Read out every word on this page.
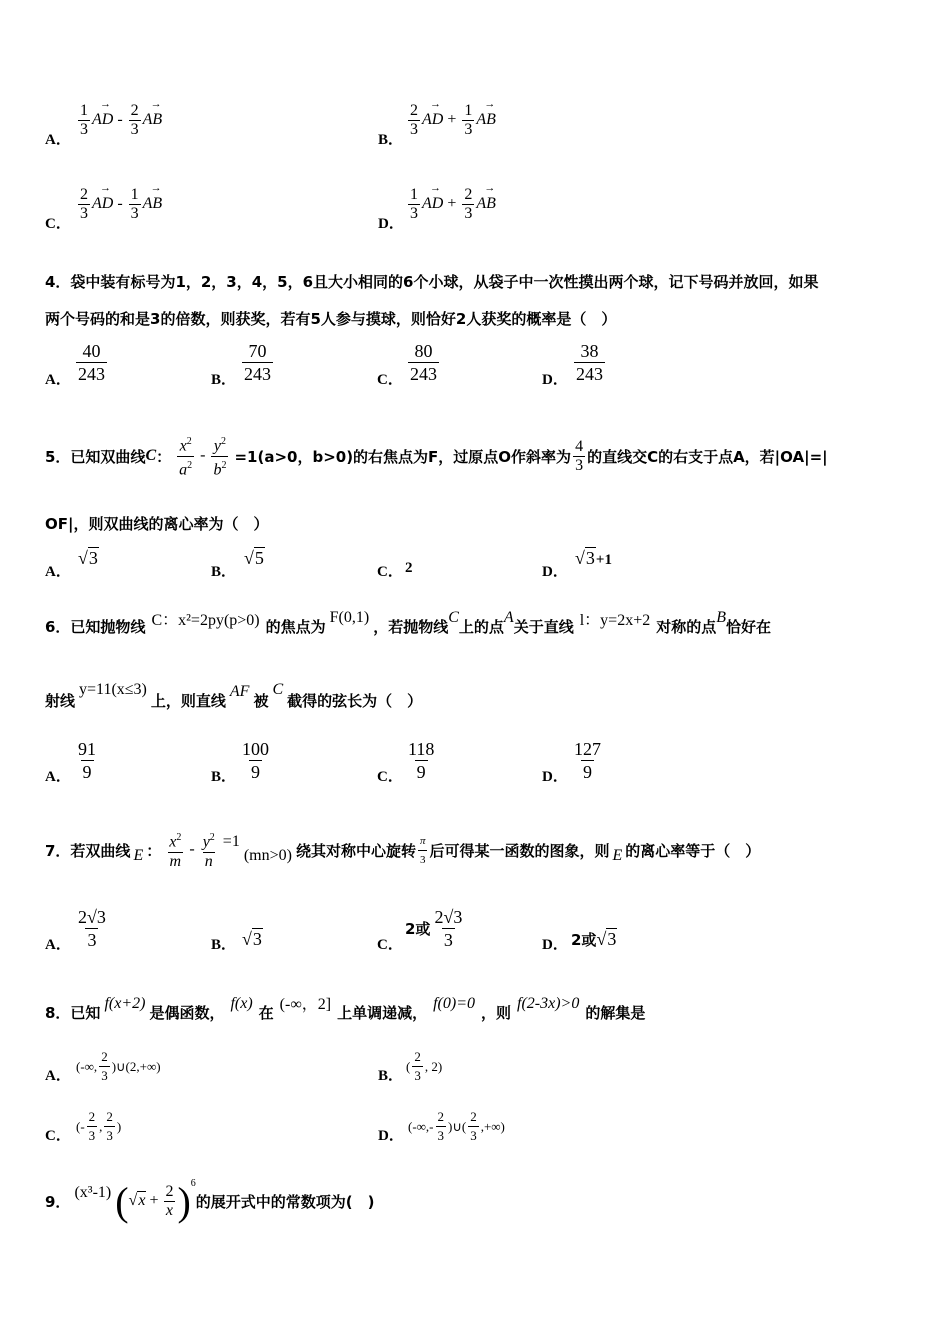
A．
$\frac{1}{3}$ → AD - $\frac{2}{3}$ → AB
B．
$\frac{2}{3}$ → AD + $\frac{1}{3}$ → AB
C．
$\frac{2}{3}$ → AD - $\frac{1}{3}$ → AB
D．
$\frac{1}{3}$ → AD + $\frac{2}{3}$ → AB
4．袋中装有标号为1，2，3，4，5，6且大小相同的6个小球，从袋子中一次性摸出两个球，记下号码并放回，如果
两个号码的和是3的倍数，则获奖，若有5人参与摸球，则恰好2人获奖的概率是（　）
A． $\frac{40}{243}$	B． $\frac{70}{243}$	C． $\frac{80}{243}$	D． $\frac{38}{243}$
5．已知双曲线 C ： $\frac{x^2}{a^2} - \frac{y^2}{b^2} =1(a>0$，b>0)的右焦点为F，过原点O作斜率为 $\frac{4}{3}$ 的直线交C的右支于点A，若|OA|=|
OF|，则双曲线的离心率为（　）
A．
√3
B．
√5
C． 2	D．
√3+1
6．已知抛物线 C：x²=2py(p>0) 的焦点为 F(0,1) ，若抛物线 C 上的点 A 关于直线 l：y=2x+2 对称的点 B 恰好在
射线
y=11(x≤3)
上，则直线 AF 被
C
截得的弦长为（　）
A． $\frac{91}{9}$	B． $\frac{100}{9}$	C． $\frac{118}{9}$	D． $\frac{127}{9}$
7．若双曲线 E ： $\frac{x^2}{m} - \frac{y^2}{n} =1$ (mn>0) 绕其对称中心旋转 $\frac{\pi}{3}$ 后可得某一函数的图象，则 E 的离心率等于（　）
A． $\frac{2√3}{3}$	B． √3	C．
2或 $\frac{2√3}{3}$	D． 2或 √3
8．已知 f(x+2) 是偶函数， f(x) 在 (-∞，2] 上单调递减， f(0)=0 ，则 f(2-3x)>0 的解集是
A．
(-∞, $\frac{2}{3}$ )∪(2,+∞)
B．
( $\frac{2}{3}$ , 2)
C．
(- $\frac{2}{3}$ , $\frac{2}{3}$ )
D．
(-∞,- $\frac{2}{3}$ )∪( $\frac{2}{3}$ ,+∞)
9． (x³-1) ( $√x + \frac{2}{x} )^6$
的展开式中的常数项为(　)
